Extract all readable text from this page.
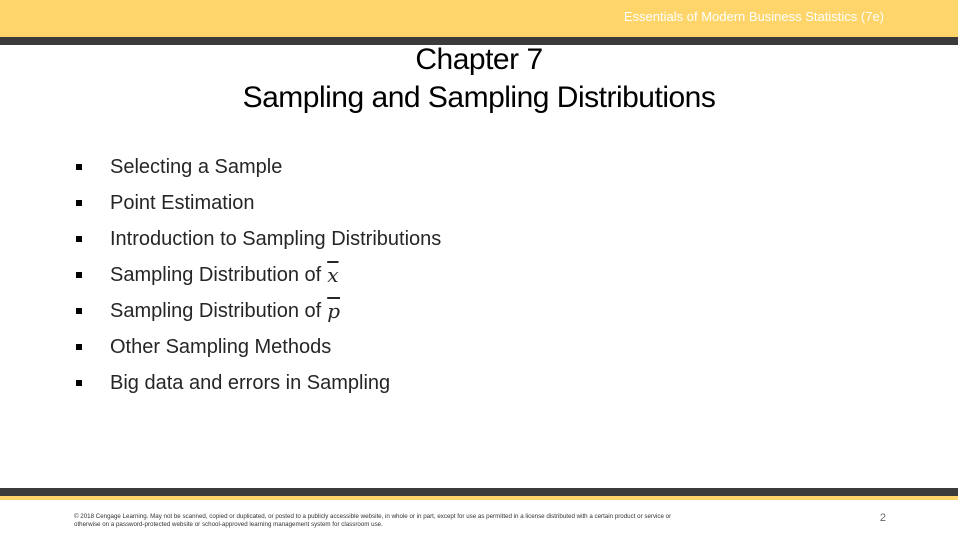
Essentials of Modern Business Statistics (7e)
Chapter 7
Sampling and Sampling Distributions
Selecting a Sample
Point Estimation
Introduction to Sampling Distributions
Sampling Distribution of $\overline{x}$
Sampling Distribution of $\overline{p}$
Other Sampling Methods
Big data and errors in Sampling
© 2018 Cengage Learning. May not be scanned, copied or duplicated, or posted to a publicly accessible website, in whole or in part, except for use as permitted in a license distributed with a certain product or service or
otherwise on a password-protected website or school-approved learning management system for classroom use.
2
